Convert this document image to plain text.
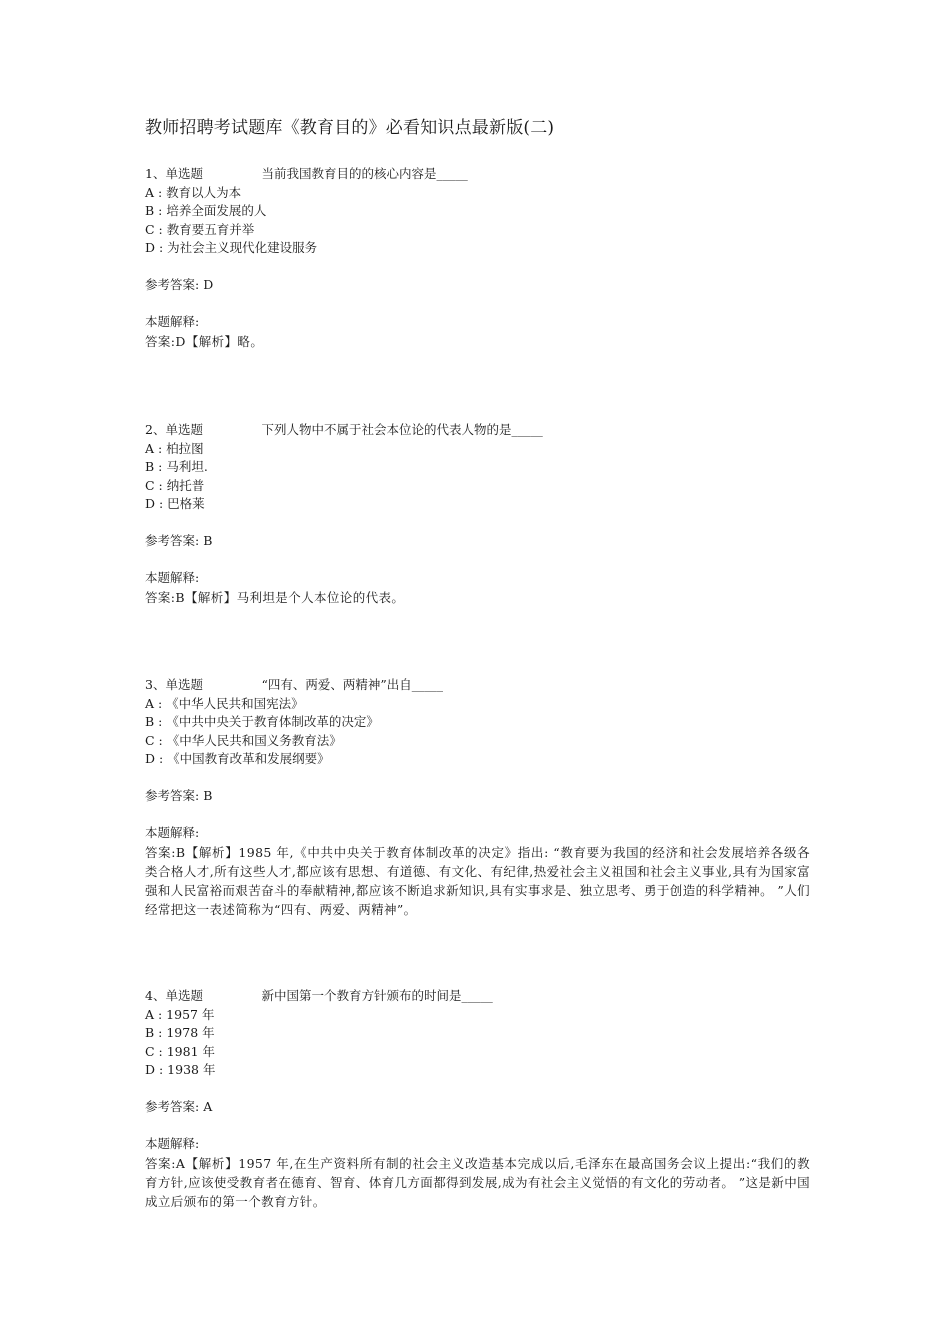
教师招聘考试题库《教育目的》必看知识点最新版(二)
1、单选题	当前我国教育目的的核心内容是_____
A : 教育以人为本
B : 培养全面发展的人
C : 教育要五育并举
D : 为社会主义现代化建设服务
参考答案: D
本题解释:
答案:D【解析】略。
2、单选题	下列人物中不属于社会本位论的代表人物的是_____
A : 柏拉图
B : 马利坦.
C : 纳托普
D : 巴格莱
参考答案: B
本题解释:
答案:B【解析】马利坦是个人本位论的代表。
3、单选题	“四有、两爱、两精神”出自_____
A : 《中华人民共和国宪法》
B : 《中共中央关于教育体制改革的决定》
C : 《中华人民共和国义务教育法》
D : 《中国教育改革和发展纲要》
参考答案: B
本题解释:
答案:B【解析】1985 年,《中共中央关于教育体制改革的决定》指出: “教育要为我国的经济和社会发展培养各级各类合格人才,所有这些人才,都应该有思想、有道德、有文化、有纪律,热爱社会主义祖国和社会主义事业,具有为国家富强和人民富裕而艰苦奋斗的奉献精神,都应该不断追求新知识,具有实事求是、独立思考、勇于创造的科学精神。 ”人们经常把这一表述简称为“四有、两爱、两精神”。
4、单选题	新中国第一个教育方针颁布的时间是_____
A : 1957 年
B : 1978 年
C : 1981 年
D : 1938 年
参考答案: A
本题解释:
答案:A【解析】1957 年,在生产资料所有制的社会主义改造基本完成以后,毛泽东在最高国务会议上提出:“我们的教育方针,应该使受教育者在德育、智育、体育几方面都得到发展,成为有社会主义觉悟的有文化的劳动者。 ”这是新中国成立后颁布的第一个教育方针。
